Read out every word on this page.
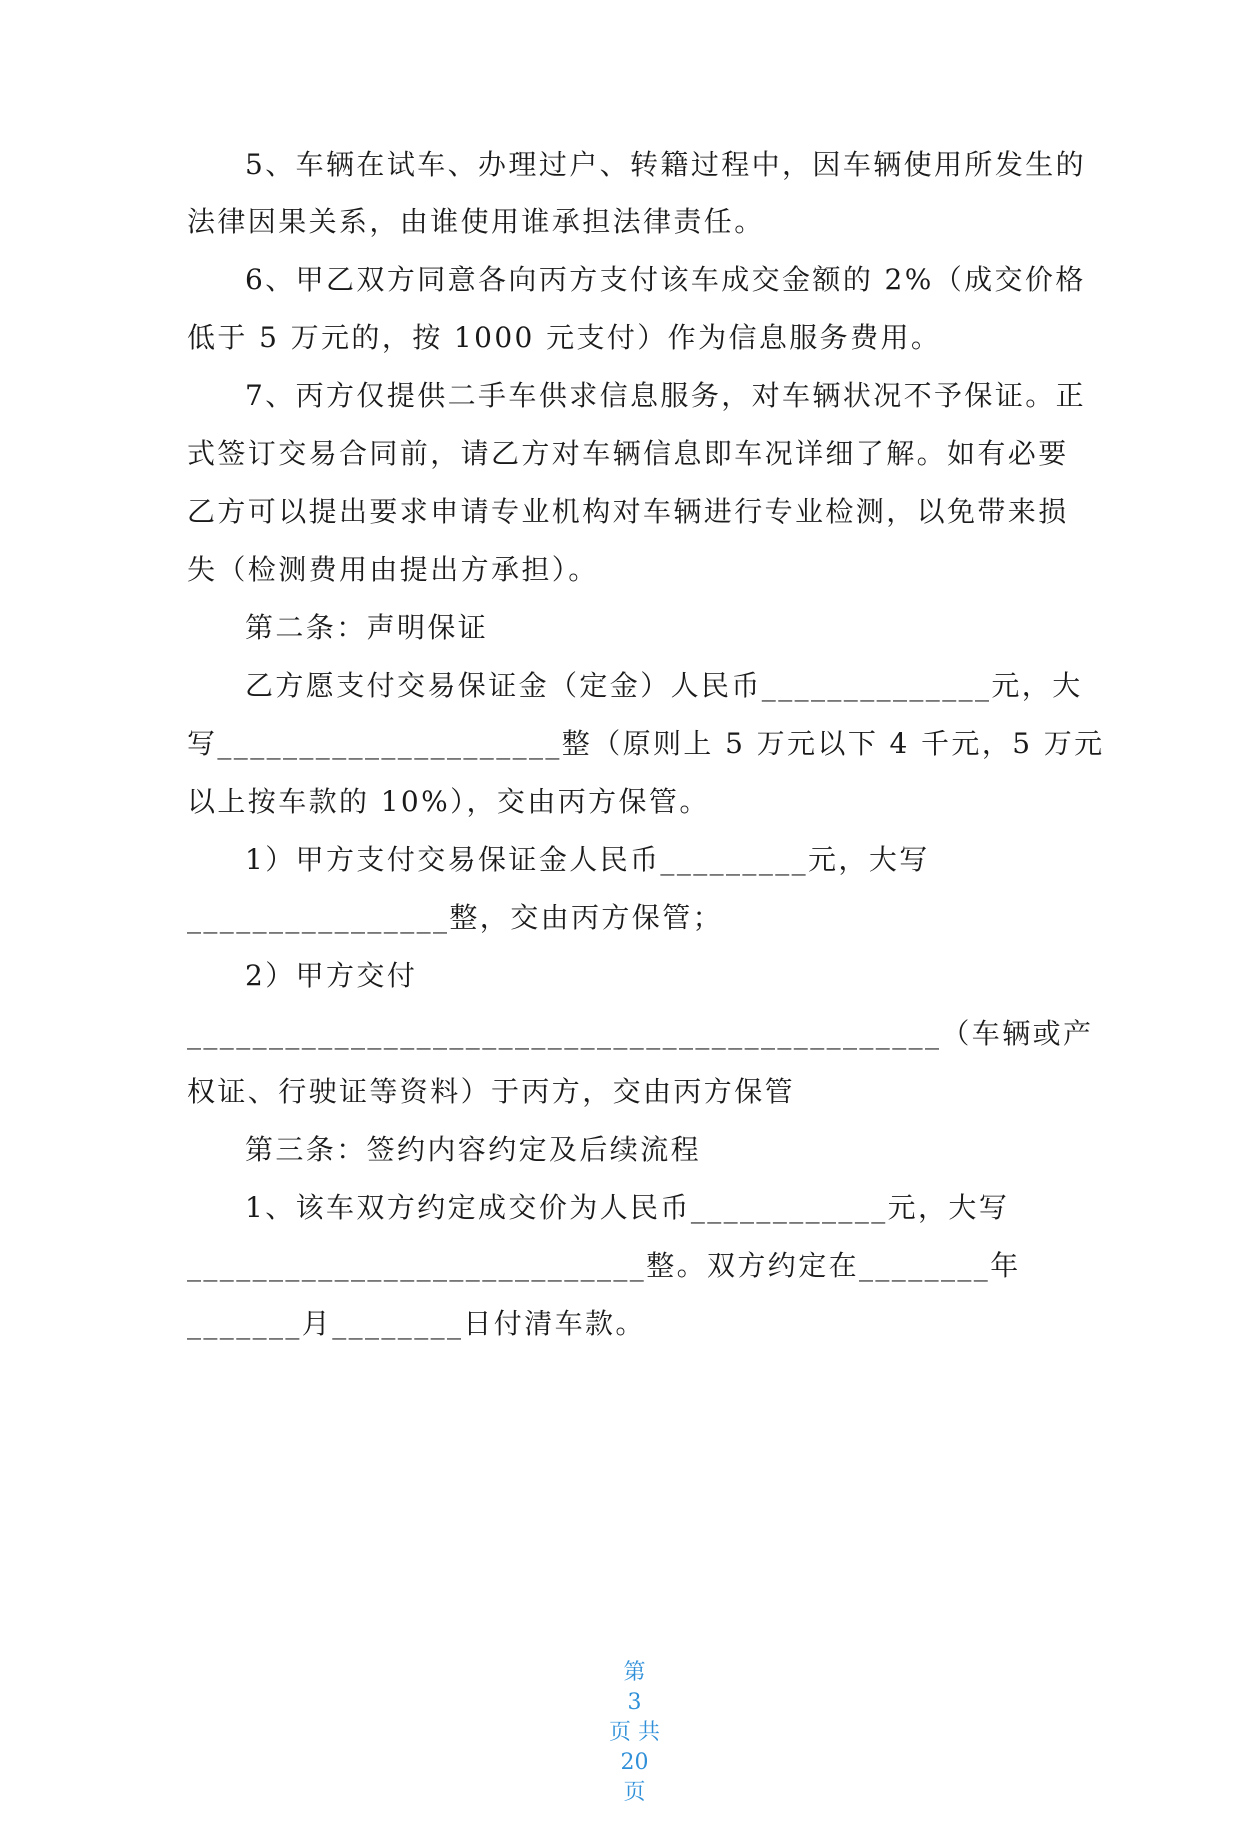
5、车辆在试车、办理过户、转籍过程中，因车辆使用所发生的

法律因果关系，由谁使用谁承担法律责任。

6、甲乙双方同意各向丙方支付该车成交金额的 2%（成交价格

低于 5 万元的，按 1000 元支付）作为信息服务费用。

7、丙方仅提供二手车供求信息服务，对车辆状况不予保证。正

式签订交易合同前，请乙方对车辆信息即车况详细了解。如有必要

乙方可以提出要求申请专业机构对车辆进行专业检测，以免带来损

失（检测费用由提出方承担）。

第二条：声明保证

乙方愿支付交易保证金（定金）人民币______________元，大

写_____________________整（原则上 5 万元以下 4 千元，5 万元

以上按车款的 10%），交由丙方保管。

1）甲方支付交易保证金人民币_________元，大写

________________整，交由丙方保管；

2）甲方交付

______________________________________________（车辆或产

权证、行驶证等资料）于丙方，交由丙方保管

第三条：签约内容约定及后续流程

1、该车双方约定成交价为人民币____________元，大写

____________________________整。双方约定在________年

_______月________日付清车款。

第
3
页 共
20
页
